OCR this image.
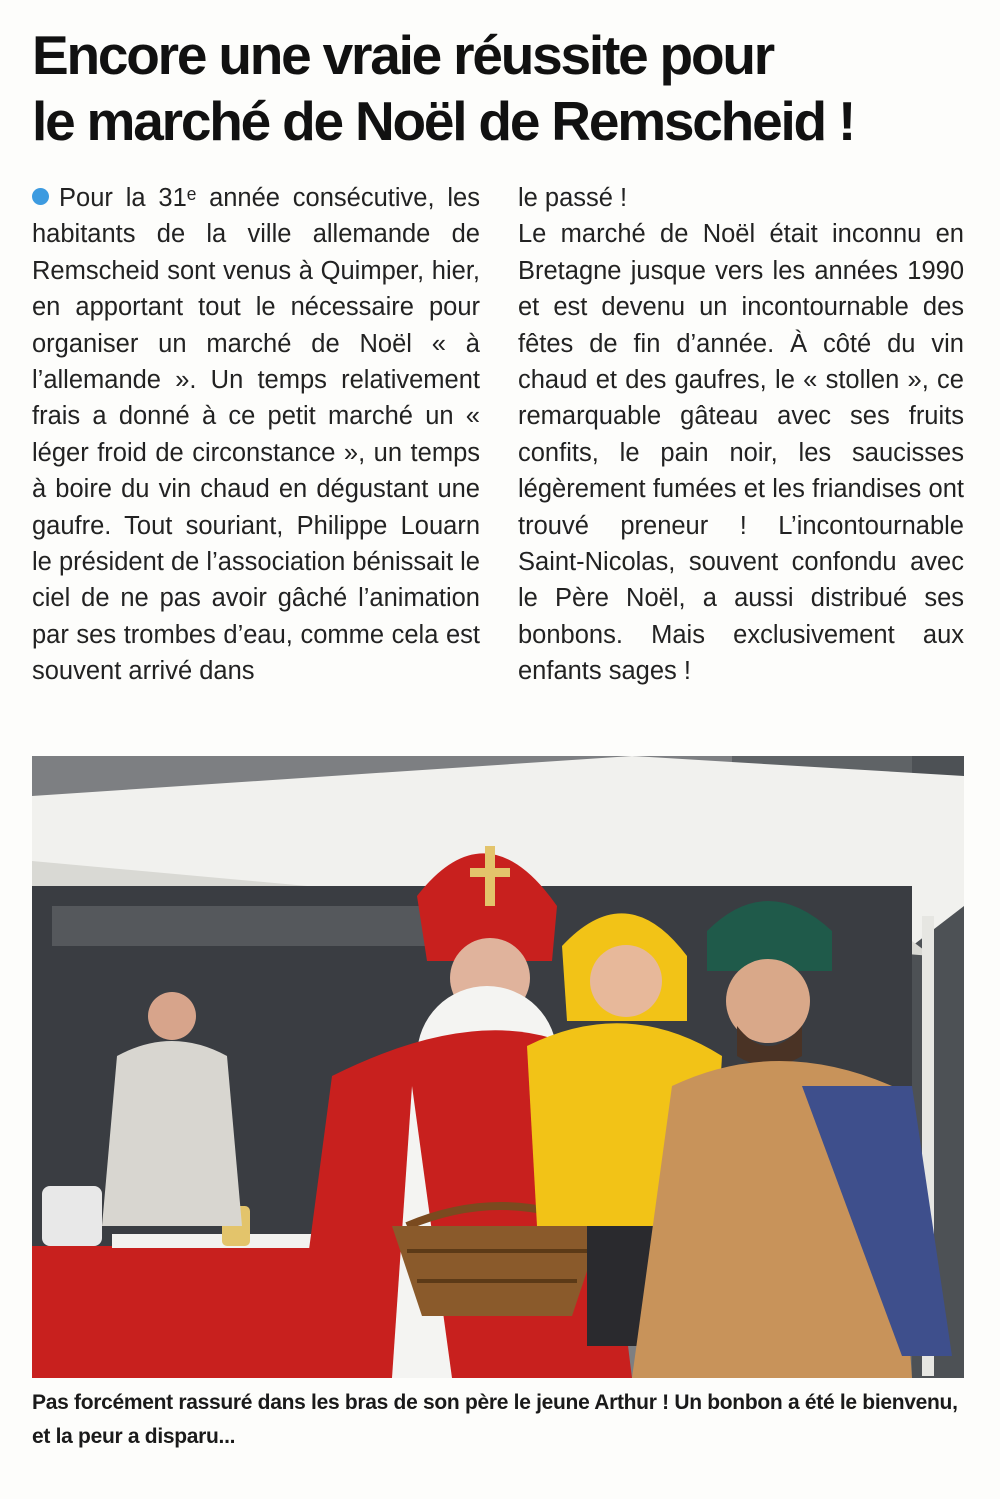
Encore une vraie réussite pour
le marché de Noël de Remscheid !

Pour la 31ᵉ année consécutive, les habitants de la ville allemande de Remscheid sont venus à Quimper, hier, en apportant tout le nécessaire pour organiser un marché de Noël « à l’allemande ». Un temps relativement frais a donné à ce petit marché un « léger froid de circonstance », un temps à boire du vin chaud en dégustant une gaufre. Tout souriant, Philippe Louarn le président de l’association bénissait le ciel de ne pas avoir gâché l’animation par ses trombes d’eau, comme cela est souvent arrivé dans

le passé !

Le marché de Noël était inconnu en Bretagne jusque vers les années 1990 et est devenu un incontournable des fêtes de fin d’année. À côté du vin chaud et des gaufres, le « stollen », ce remarquable gâteau avec ses fruits confits, le pain noir, les saucisses légèrement fumées et les friandises ont trouvé preneur ! L’incontournable Saint-Nicolas, souvent confondu avec le Père Noël, a aussi distribué ses bonbons. Mais exclusivement aux enfants sages !

Pas forcément rassuré dans les bras de son père le jeune Arthur ! Un bonbon a été le bienvenu, et la peur a disparu...
